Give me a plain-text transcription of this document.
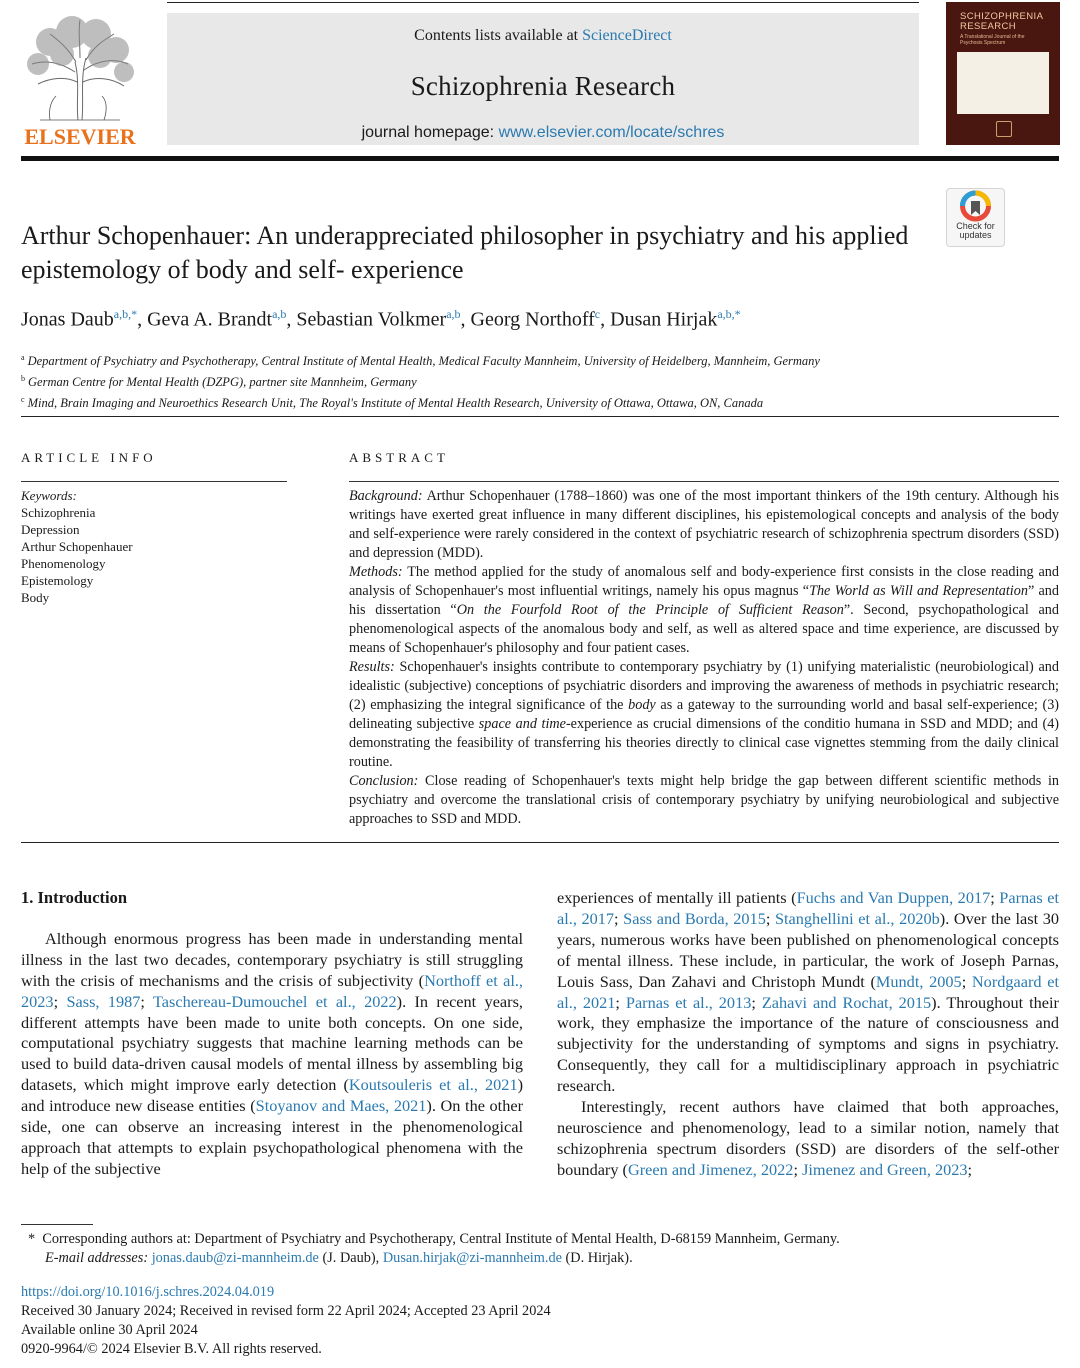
ELSEVIER
Contents lists available at ScienceDirect
Schizophrenia Research
journal homepage: www.elsevier.com/locate/schres
SCHIZOPHRENIA
RESEARCH
A Translational Journal of the
Psychosis Spectrum
Check for
updates
Arthur Schopenhauer: An underappreciated philosopher in psychiatry and his applied epistemology of body and self- experience
Jonas Daub$^{a,b,*}$, Geva A. Brandt$^{a,b}$, Sebastian Volkmer$^{a,b}$, Georg Northoff$^c$, Dusan Hirjak$^{a,b,*}$
$^a$ Department of Psychiatry and Psychotherapy, Central Institute of Mental Health, Medical Faculty Mannheim, University of Heidelberg, Mannheim, Germany
$^b$ German Centre for Mental Health (DZPG), partner site Mannheim, Germany
$^c$ Mind, Brain Imaging and Neuroethics Research Unit, The Royal's Institute of Mental Health Research, University of Ottawa, Ottawa, ON, Canada
ARTICLE INFO	ABSTRACT
Keywords:
Schizophrenia
Depression
Arthur Schopenhauer
Phenomenology
Epistemology
Body

Background: Arthur Schopenhauer (1788–1860) was one of the most important thinkers of the 19th century. Although his writings have exerted great influence in many different disciplines, his epistemological concepts and analysis of the body and self-experience were rarely considered in the context of psychiatric research of schizophrenia spectrum disorders (SSD) and depression (MDD).

Methods: The method applied for the study of anomalous self and body-experience first consists in the close reading and analysis of Schopenhauer's most influential writings, namely his opus magnus “The World as Will and Representation” and his dissertation “On the Fourfold Root of the Principle of Sufficient Reason”. Second, psychopathological and phenomenological aspects of the anomalous body and self, as well as altered space and time experience, are discussed by means of Schopenhauer's philosophy and four patient cases.

Results: Schopenhauer's insights contribute to contemporary psychiatry by (1) unifying materialistic (neurobiological) and idealistic (subjective) conceptions of psychiatric disorders and improving the awareness of methods in psychiatric research; (2) emphasizing the integral significance of the body as a gateway to the surrounding world and basal self-experience; (3) delineating subjective space and time-experience as crucial dimensions of the conditio humana in SSD and MDD; and (4) demonstrating the feasibility of transferring his theories directly to clinical case vignettes stemming from the daily clinical routine.

Conclusion: Close reading of Schopenhauer's texts might help bridge the gap between different scientific methods in psychiatry and overcome the translational crisis of contemporary psychiatry by unifying neurobiological and subjective approaches to SSD and MDD.

1. Introduction

Although enormous progress has been made in understanding mental illness in the last two decades, contemporary psychiatry is still struggling with the crisis of mechanisms and the crisis of subjectivity (Northoff et al., 2023; Sass, 1987; Taschereau-Dumouchel et al., 2022). In recent years, different attempts have been made to unite both concepts. On one side, computational psychiatry suggests that machine learning methods can be used to build data-driven causal models of mental illness by assembling big datasets, which might improve early detection (Koutsouleris et al., 2021) and introduce new disease entities (Stoyanov and Maes, 2021). On the other side, one can observe an increasing interest in the phenomenological approach that attempts to explain psychopathological phenomena with the help of the subjective

experiences of mentally ill patients (Fuchs and Van Duppen, 2017; Parnas et al., 2017; Sass and Borda, 2015; Stanghellini et al., 2020b). Over the last 30 years, numerous works have been published on phenomenological concepts of mental illness. These include, in particular, the work of Joseph Parnas, Louis Sass, Dan Zahavi and Christoph Mundt (Mundt, 2005; Nordgaard et al., 2021; Parnas et al., 2013; Zahavi and Rochat, 2015). Throughout their work, they emphasize the importance of the nature of consciousness and subjectivity for the understanding of symptoms and signs in psychiatry. Consequently, they call for a multidisciplinary approach in psychiatric research.

Interestingly, recent authors have claimed that both approaches, neuroscience and phenomenology, lead to a similar notion, namely that schizophrenia spectrum disorders (SSD) are disorders of the self-other boundary (Green and Jimenez, 2022; Jimenez and Green, 2023;

* Corresponding authors at: Department of Psychiatry and Psychotherapy, Central Institute of Mental Health, D-68159 Mannheim, Germany.
E-mail addresses: jonas.daub@zi-mannheim.de (J. Daub), Dusan.hirjak@zi-mannheim.de (D. Hirjak).
https://doi.org/10.1016/j.schres.2024.04.019
Received 30 January 2024; Received in revised form 22 April 2024; Accepted 23 April 2024
Available online 30 April 2024
0920-9964/© 2024 Elsevier B.V. All rights reserved.
